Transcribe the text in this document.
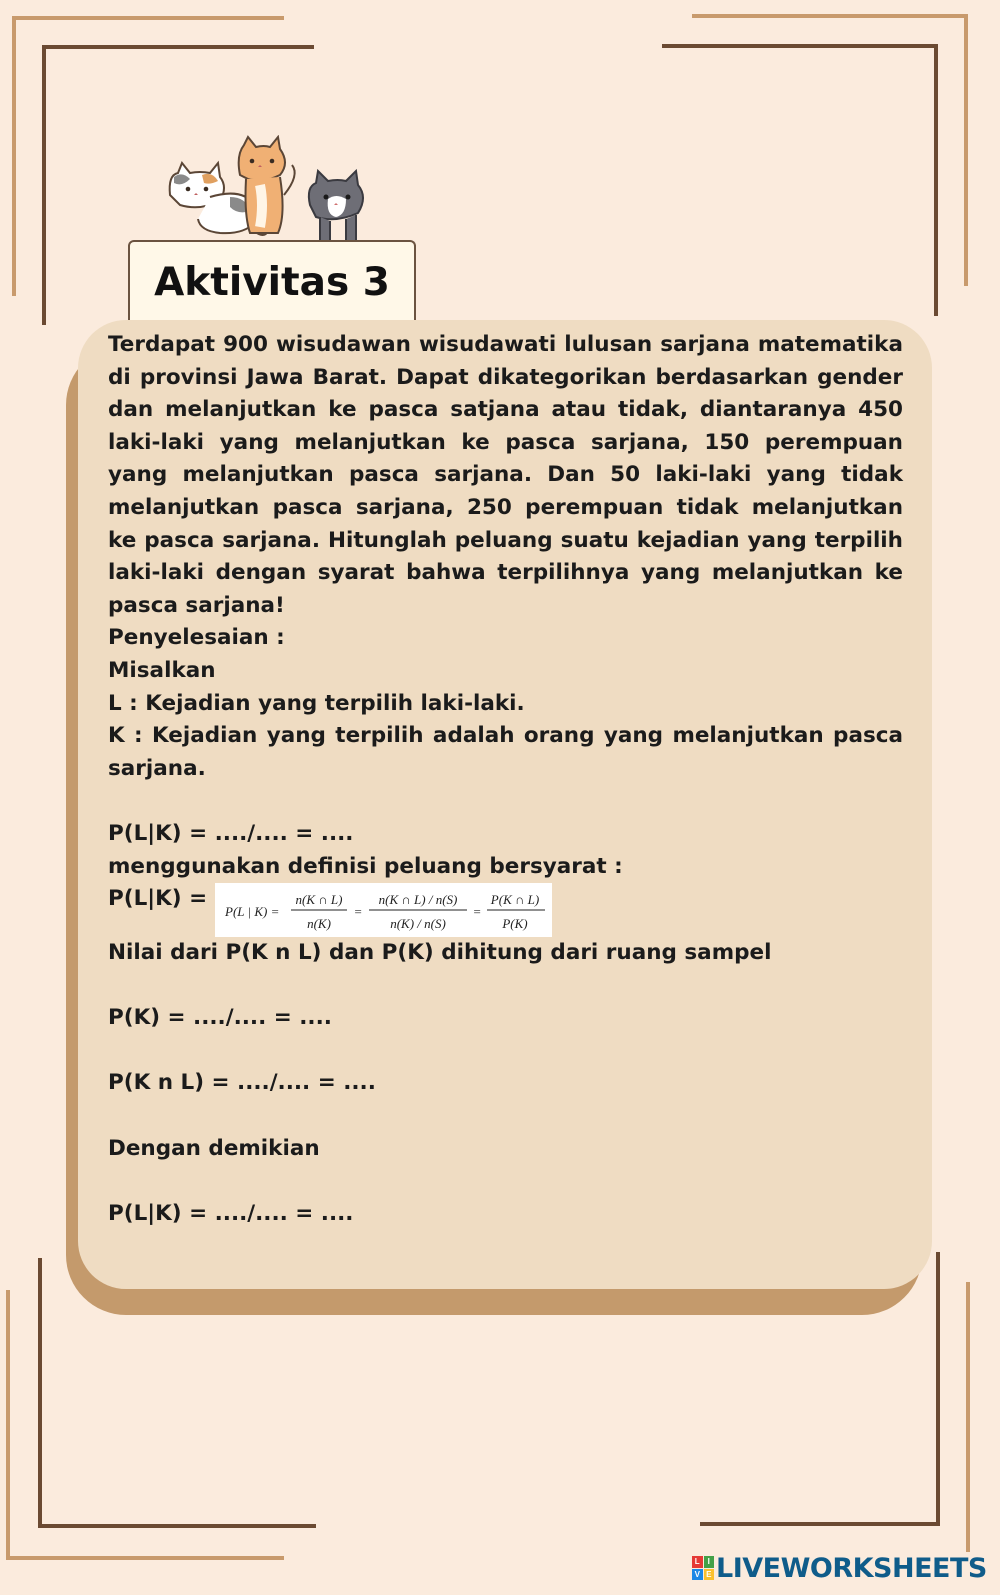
Aktivitas 3

Terdapat 900 wisudawan wisudawati lulusan sarjana matematika di provinsi Jawa Barat. Dapat dikategorikan berdasarkan gender dan melanjutkan ke pasca satjana atau tidak, diantaranya 450 laki-laki yang melanjutkan ke pasca sarjana, 150 perempuan yang melanjutkan pasca sarjana. Dan 50 laki-laki yang tidak melanjutkan pasca sarjana, 250 perempuan tidak melanjutkan ke pasca sarjana. Hitunglah peluang suatu kejadian yang terpilih laki-laki dengan syarat bahwa terpilihnya yang melanjutkan ke pasca sarjana!

Penyelesaian :

Misalkan

L : Kejadian yang terpilih laki-laki.

K : Kejadian yang terpilih adalah orang yang melanjutkan pasca sarjana.

P(L|K) = ..../.... = ....

menggunakan definisi peluang bersyarat :

P(L|K) =
P(L | K) =
n(K ∩ L)
n(K)
=
n(K ∩ L) / n(S)
n(K) / n(S)
=
P(K ∩ L)
P(K)

Nilai dari P(K n L) dan P(K) dihitung dari ruang sampel

P(K) = ..../.... = ....

P(K n L) = ..../.... = ....

Dengan demikian

P(L|K) = ..../.... = ....

L I
V E LIVEWORKSHEETS
